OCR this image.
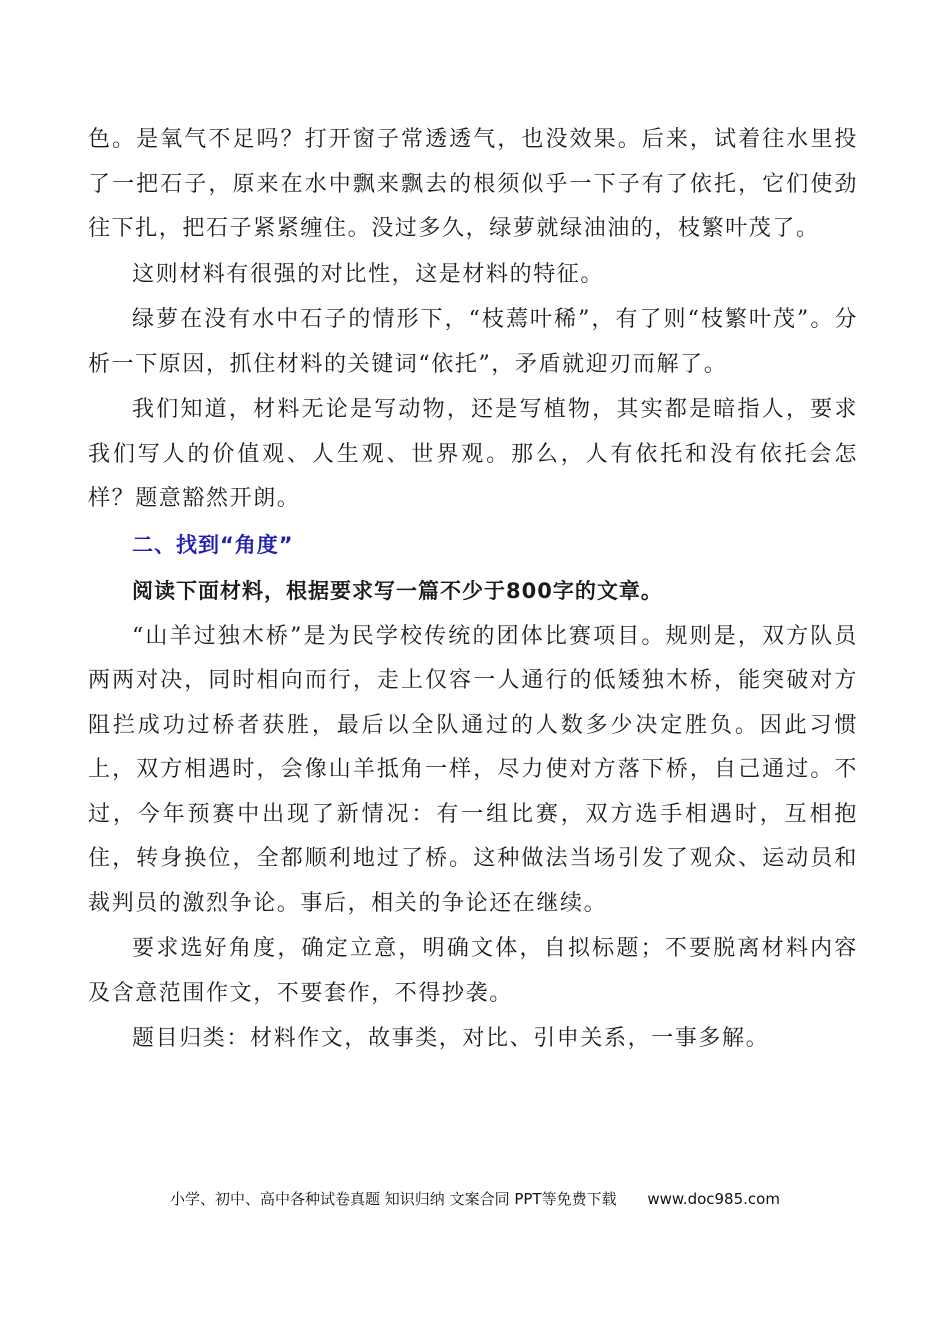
色。是氧气不足吗？打开窗子常透透气，也没效果。后来，试着往水里投了一把石子，原来在水中飘来飘去的根须似乎一下子有了依托，它们使劲往下扎，把石子紧紧缠住。没过多久，绿萝就绿油油的，枝繁叶茂了。

这则材料有很强的对比性，这是材料的特征。

绿萝在没有水中石子的情形下，“枝蔫叶稀”，有了则“枝繁叶茂”。分析一下原因，抓住材料的关键词“依托”，矛盾就迎刃而解了。

我们知道，材料无论是写动物，还是写植物，其实都是暗指人，要求我们写人的价值观、人生观、世界观。那么，人有依托和没有依托会怎样？题意豁然开朗。

二、找到“角度”

阅读下面材料，根据要求写一篇不少于800字的文章。

“山羊过独木桥”是为民学校传统的团体比赛项目。规则是，双方队员两两对决，同时相向而行，走上仅容一人通行的低矮独木桥，能突破对方阻拦成功过桥者获胜，最后以全队通过的人数多少决定胜负。因此习惯上，双方相遇时，会像山羊抵角一样，尽力使对方落下桥，自己通过。不过，今年预赛中出现了新情况：有一组比赛，双方选手相遇时，互相抱住，转身换位，全都顺利地过了桥。这种做法当场引发了观众、运动员和裁判员的激烈争论。事后，相关的争论还在继续。

要求选好角度，确定立意，明确文体，自拟标题；不要脱离材料内容及含意范围作文，不要套作，不得抄袭。

题目归类：材料作文，故事类，对比、引申关系，一事多解。

小学、初中、高中各种试卷真题 知识归纳 文案合同 PPT等免费下载 www.doc985.com
